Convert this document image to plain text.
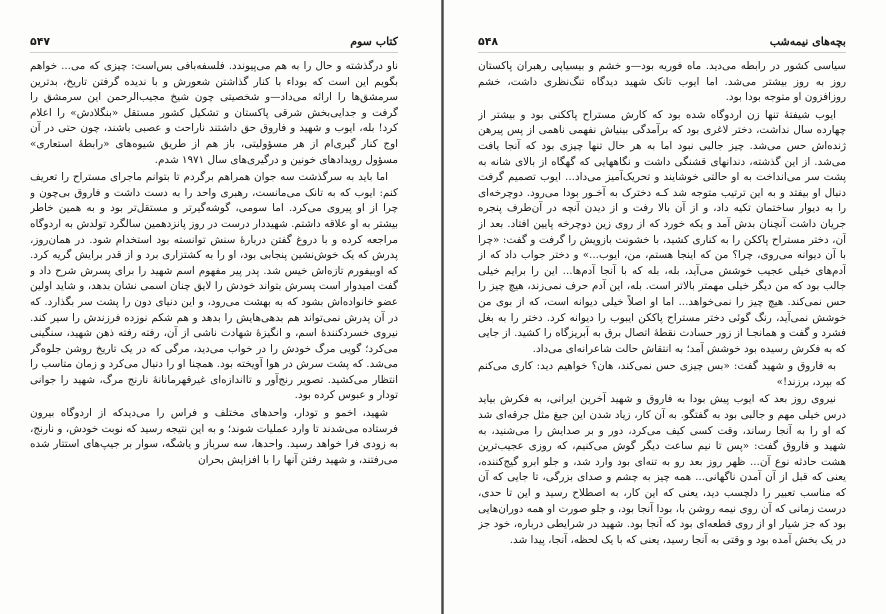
کتاب سوم
۵۴۷

ناو درگذشته و حال را به هم می‌پیوندد. فلسفه‌بافی بس‌است: چیزی که می... خواهم بگویم این است که بوداء با کنار گذاشتن شعورش و با ندیده گرفتن تاریخ، بدترین سرمشق‌ها را ارائه می‌داد—و شخصیتی چون شیخ مجیب‌الرحمن این سرمشق را گرفت و جدایی‌بخش شرقی پاکستان و تشکیل کشور مستقل «بنگلادش» را اعلام کرد! بله، ایوب و شهید و فاروق حق داشتند ناراحت و عصبی باشند، چون حتی در آن اوج کنار گیری‌ام از هر مسؤولیتی، باز هم از طریق شیوه‌های «رابطهٔ استعاری» مسؤول رویدادهای خونین و درگیری‌های سال ۱۹۷۱ شدم.

اما باید به سرگذشت سه جوان همراهم برگردم تا بتوانم ماجرای مستراح را تعریف کنم: ایوب که به تانک می‌مانست، رهبری واحد را به دست داشت و فاروق بی‌چون و چرا از او پیروی می‌کرد. اما سومی، گوشه‌گیرتر و مستقل‌تر بود و به همین خاطر بیشتر به او علاقه داشتم. شهیددار درست در روز پانزدهمین سالگرد تولدش به اردوگاه مراجعه کرده و با دروغ گفتن دربارهٔ سنش توانسته بود استخدام شود. در همان‌روز، پدرش که یک خوش‌نشین پنجابی بود، او را به کشتزاری برد و از قدر برایش گریه کرد. که اوبیفورم تازه‌اش خیس شد. پدر پیر مفهوم اسم شهید را برای پسرش شرح داد و گفت امیدوار است پسرش بتواند خودش را لایق چنان اسمی نشان بدهد، و شاید اولین عضو خانواده‌اش بشود که به بهشت می‌رود، و این دنیای دون را پشت سر بگذارد. که در آن پدرش نمی‌تواند هم بدهی‌هایش را بدهد و هم شکم نوزده فرزندش را سیر کند. نیروی خسردکنندهٔ اسم، و انگیزهٔ شهادت ناشی از آن، رفته رفته ذهن شهید، سنگینی می‌کرد؛ گویی مرگ خودش را در خواب می‌دید، مرگی که در یک تاریخ روشن جلوه‌گر می‌شد. که پشت سرش در هوا آویخته بود. همچنا او را دنبال می‌کرد و زمان متاسب را انتظار می‌کشید. تصویر رنج‌آور و تااندازه‌ای غیرقهرمانانهٔ نارنج مرگ، شهید را جوانی تودار و عبوس کرده بود.

شهید، اخمو و تودار، واحدهای مختلف و فراس را می‌دیدکه از اردوگاه بیرون فرستاده می‌شدند تا وارد عملیات شوند؛ و به این نتیجه رسید که نوبت خودش، و نارنج، به زودی فرا خواهد رسید. واحدها، سه سرباز و یاشگه، سوار بر جیپ‌های استتار شده می‌رفتند، و شهید رفتن آنها را با افزایش بحران

بچه‌های نیمه‌شب
۵۴۸

سیاسی کشور در رابطه می‌دید. ماه فوریه بود—و خشم و بیسیاپی رهبران پاکستان روز به روز بیشتر می‌شد. اما ایوب تانک شهید دیدگاه تنگ‌نظری داشت، خشم روزافزون او متوجه بودا بود.

ایوب شیفتهٔ تنها زن اردوگاه شده بود که کارش مستراح پاککنی بود و بیشتر از چهارده سال نداشت، دختر لاغری بود که برآمدگی بینیاش نفهمی ناهمی از پس پیرهن ژنده‌اش حس می‌شد. چیز جالبی نبود اما به هر حال تنها چیزی بود که آنجا یافت می‌شد. از این گذشته، دندانهای قشنگی داشت و نگاههایی که گهگاه از بالای شانه به پشت سر می‌انداخت به او حالتی خوشایند و تحریک‌آمیز می‌داد... ایوب تصمیم گرفت دنبال او بیفتد و به این ترتیب متوجه شد کـه دخترک به آخـور بودا می‌رود. دوچرخه‌ای را به دیوار ساختمان تکیه داد، و از آن بالا رفت و از دیدن آنچه در آن‌طرف پنجره جریان داشت آنچنان بدش آمد و یکه خورد که از روی زین دوچرخه پایین افتاد. بعد از آن، دختر مستراح پاککن را به کناری کشید، با خشونت بازویش را گرفت و گفت: «چرا با آن دیوانه می‌روی، چرا؟ من که اینجا هستم، من، ایوب...» و دختر جواب داد که از آدم‌های خیلی عجیب خوشش می‌آید، بله، بله که با آنجا آدم‌ها... این را برایم خیلی جالب بود که من دیگر خیلی مهمتر بالاتر است. بله، این آدم حرف نمی‌زند، هیچ چیز را حس نمی‌کند. هیچ چیز را نمی‌خواهد... اما او اصلاً خیلی دیوانه است، که از بوی من خوشش نمی‌آید، رنگ گوئی دختر مستراح پاککن ایبوب را دیوانه کرد. دختر را به بغل فشرد و گفت و همانجـا از زور حسادت نقطهٔ اتصال برق به آبریزگاه را کشید. از جایی که به فکرش رسیده بود خوشش آمد؛ به انتقاش حالت شاعرانه‌ای می‌داد.

به فاروق و شهید گفت: «بس چیزی حس نمی‌کند، هان؟ خواهیم دید: کاری می‌کنم که بپرد، برزند!»

نیروی روز بعد که ایوب پیش بودا به فاروق و شهید آخرین ایرانی، به فکرش بیاید درس خیلی مهم و جالبی بود به گفتگو. به آن کار، زیاد شدن این جیغ مثل جرقه‌ای شد که او را به آنجا رساند، وقت کسی کیف می‌کرد، دور و بر صدایش را می‌شنید، به شهید و فاروق گفت: «پس تا نیم ساعت دیگر گوش می‌کنیم، که روزی عجیب‌ترین هشت حادثه نوع آن... ظهر روز بعد رو به تنه‌ای بود وارد شد، و جلو ابرو گیج‌کننده، یعنی که قبل از آن آمدن ناگهانی... همه چیز به چشم و صدای بزرگی، تا جایی که آن که مناسب تعبیر را دلچسب دید، یعنی که این کار، به اصطلاح رسید و این تا حدی، درست زمانی که آن روی نیمه روشن با، بودا آنجا بود، و جلو صورت او همه دوران‌هایی بود که جز شیار او از روی قطعه‌ای بود که آنجا بود. شهید در شرایطی درباره، خود جز در یک بخش آمده بود و وقتی به آنجا رسید، یعنی که با یک لحظه، آنجا، پیدا شد.
